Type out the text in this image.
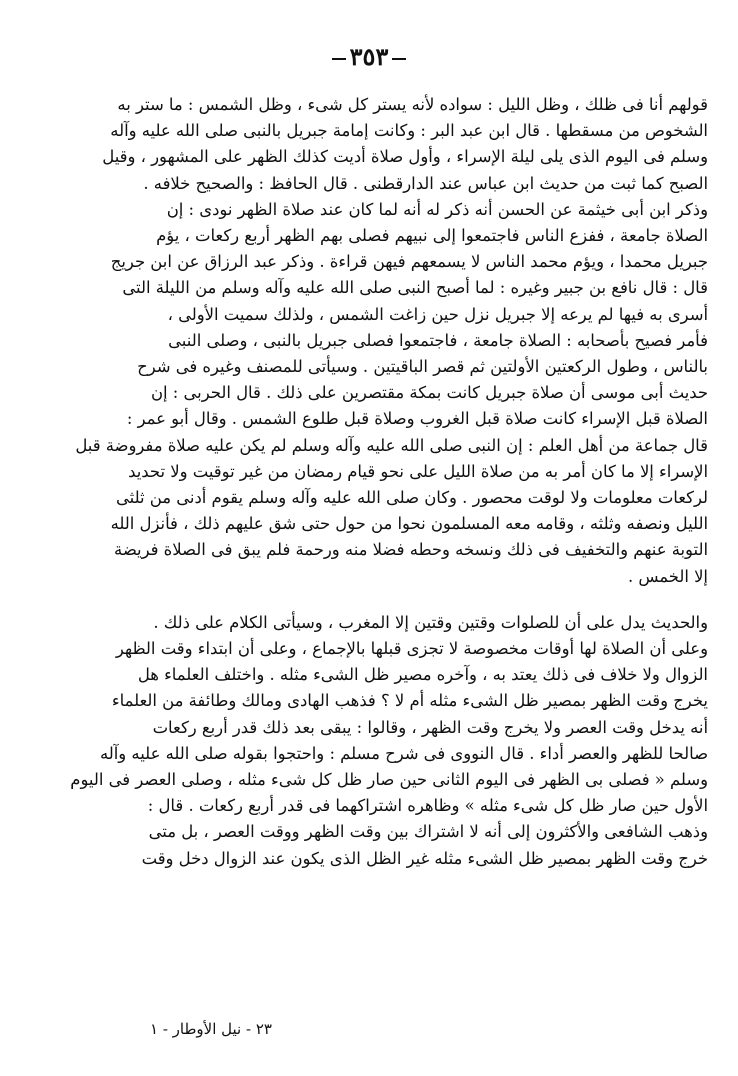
٣٥٣

قولهم أنا فى ظلك ، وظل الليل : سواده لأنه يستر كل شىء ، وظل الشمس : ما ستر به
الشخوص من مسقطها . قال ابن عبد البر : وكانت إمامة جبريل بالنبى صلى الله عليه وآله
وسلم فى اليوم الذى يلى ليلة الإسراء ، وأول صلاة أديت كذلك الظهر على المشهور ، وقيل
الصبح كما ثبت من حديث ابن عباس عند الدارقطنى . قال الحافظ : والصحيح خلافه .
وذكر ابن أبى خيثمة عن الحسن أنه ذكر له أنه لما كان عند صلاة الظهر نودى : إن
الصلاة جامعة ، ففزع الناس فاجتمعوا إلى نبيهم فصلى بهم الظهر أربع ركعات ، يؤم
جبريل محمدا ، ويؤم محمد الناس لا يسمعهم فيهن قراءة . وذكر عبد الرزاق عن ابن جريج
قال : قال نافع بن جبير وغيره : لما أصبح النبى صلى الله عليه وآله وسلم من الليلة التى
أسرى به فيها لم يرعه إلا جبريل نزل حين زاغت الشمس ، ولذلك سميت الأولى ،
فأمر فصيح بأصحابه : الصلاة جامعة ، فاجتمعوا فصلى جبريل بالنبى ، وصلى النبى
بالناس ، وطول الركعتين الأولتين ثم قصر الباقيتين . وسيأتى للمصنف وغيره فى شرح
حديث أبى موسى أن صلاة جبريل كانت بمكة مقتصرين على ذلك . قال الحربى : إن
الصلاة قبل الإسراء كانت صلاة قبل الغروب وصلاة قبل طلوع الشمس . وقال أبو عمر :
قال جماعة من أهل العلم : إن النبى صلى الله عليه وآله وسلم لم يكن عليه صلاة مفروضة قبل
الإسراء إلا ما كان أمر به من صلاة الليل على نحو قيام رمضان من غير توقيت ولا تحديد
لركعات معلومات ولا لوقت محصور . وكان صلى الله عليه وآله وسلم يقوم أدنى من ثلثى
الليل ونصفه وثلثه ، وقامه معه المسلمون نحوا من حول حتى شق عليهم ذلك ، فأنزل الله
التوبة عنهم والتخفيف فى ذلك ونسخه وحطه فضلا منه ورحمة فلم يبق فى الصلاة فريضة
إلا الخمس .

والحديث يدل على أن للصلوات وقتين وقتين إلا المغرب ، وسيأتى الكلام على ذلك .
وعلى أن الصلاة لها أوقات مخصوصة لا تجزى قبلها بالإجماع ، وعلى أن ابتداء وقت الظهر
الزوال ولا خلاف فى ذلك يعتد به ، وآخره مصير ظل الشىء مثله . واختلف العلماء هل
يخرج وقت الظهر بمصير ظل الشىء مثله أم لا ؟ فذهب الهادى ومالك وطائفة من العلماء
أنه يدخل وقت العصر ولا يخرج وقت الظهر ، وقالوا : يبقى بعد ذلك قدر أربع ركعات
صالحا للظهر والعصر أداء . قال النووى فى شرح مسلم : واحتجوا بقوله صلى الله عليه وآله
وسلم « فصلى بى الظهر فى اليوم الثانى حين صار ظل كل شىء مثله ، وصلى العصر فى اليوم
الأول حين صار ظل كل شىء مثله » وظاهره اشتراكهما فى قدر أربع ركعات . قال :
وذهب الشافعى والأكثرون إلى أنه لا اشتراك بين وقت الظهر ووقت العصر ، بل متى
خرج وقت الظهر بمصير ظل الشىء مثله غير الظل الذى يكون عند الزوال دخل وقت

٢٣ - نيل الأوطار - ١
